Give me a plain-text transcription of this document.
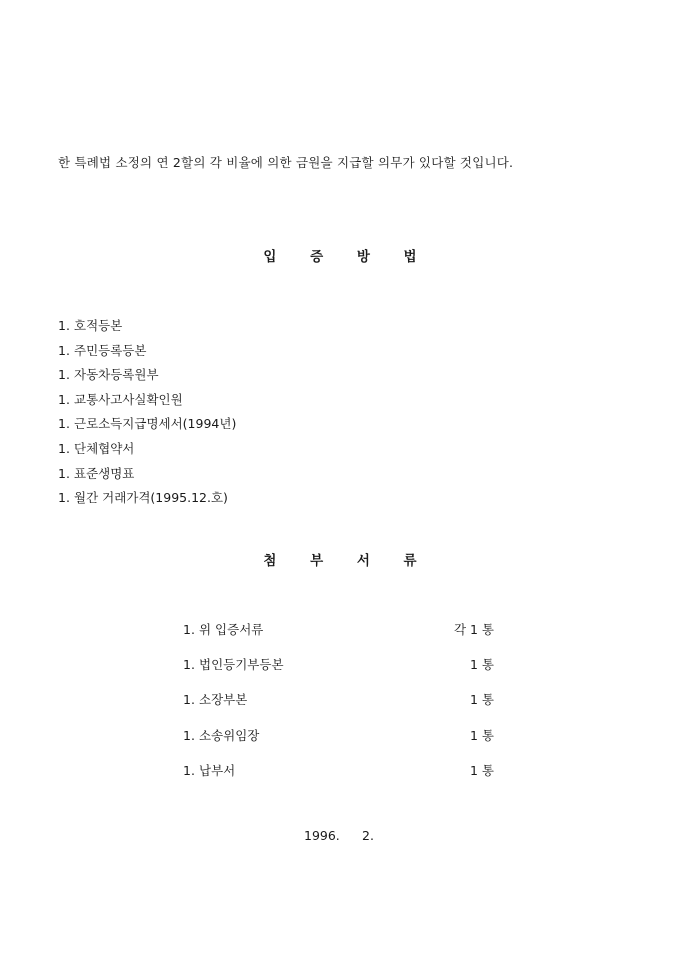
한 특례법 소정의 연 2할의 각 비율에 의한 금원을 지급할 의무가 있다할 것입니다.
입 증 방 법
1. 호적등본
1. 주민등록등본
1. 자동차등록원부
1. 교통사고사실확인원
1. 근로소득지급명세서(1994년)
1. 단체협약서
1. 표준생명표
1. 월간 거래가격(1995.12.호)
첨 부 서 류
1. 위 입증서류	각 1 통
1. 법인등기부등본	1 통
1. 소장부본	1 통
1. 소송위임장	1 통
1. 납부서	1 통
1996. 2.
